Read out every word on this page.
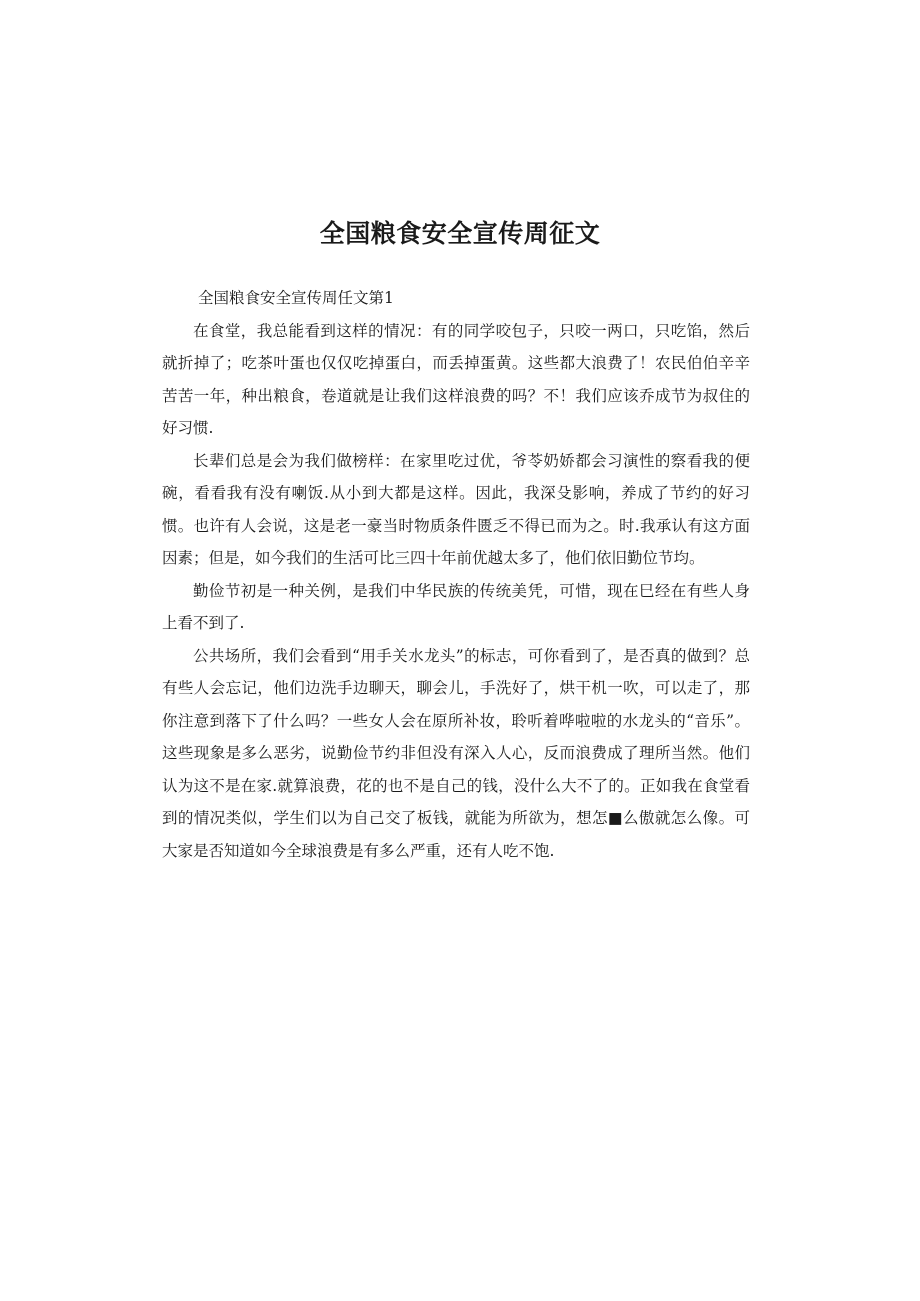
全国粮食安全宣传周征文
全国粮食安全宣传周任文第1

在食堂，我总能看到这样的情况：有的同学咬包子，只咬一两口，只吃馅，然后就折掉了；吃茶叶蛋也仅仅吃掉蛋白，而丢掉蛋黄。这些都大浪费了！农民伯伯辛辛苦苦一年，种出粮食，卷道就是让我们这样浪费的吗？不！我们应该乔成节为叔住的好习惯.

长辈们总是会为我们做榜样：在家里吃过优，爷苓奶娇都会习演性的察看我的便碗，看看我有没有喇饭.从小到大都是这样。因此，我深殳影响，养成了节约的好习惯。也许有人会说，这是老一豪当时物质条件匮乏不得已而为之。时.我承认有这方面因素；但是，如今我们的生活可比三四十年前优越太多了，他们依旧勤位节均。

勤俭节初是一种关例，是我们中华民族的传统美凭，可惜，现在巳经在有些人身上看不到了.

公共场所，我们会看到“用手关水龙头”的标志，可你看到了，是否真的做到？总有些人会忘记，他们边洗手边聊天，聊会儿，手洗好了，烘干机一吹，可以走了，那你注意到落下了什么吗？一些女人会在原所补妆，聆听着哗啦啦的水龙头的“音乐”。这些现象是多么恶劣，说勤俭节约非但没有深入人心，反而浪费成了理所当然。他们认为这不是在家.就算浪费，花的也不是自己的钱，没什么大不了的。正如我在食堂看到的情况类似，学生们以为自己交了板钱，就能为所欲为，想怎■么傲就怎么像。可大家是否知道如今全球浪费是有多么严重，还有人吃不饱.
